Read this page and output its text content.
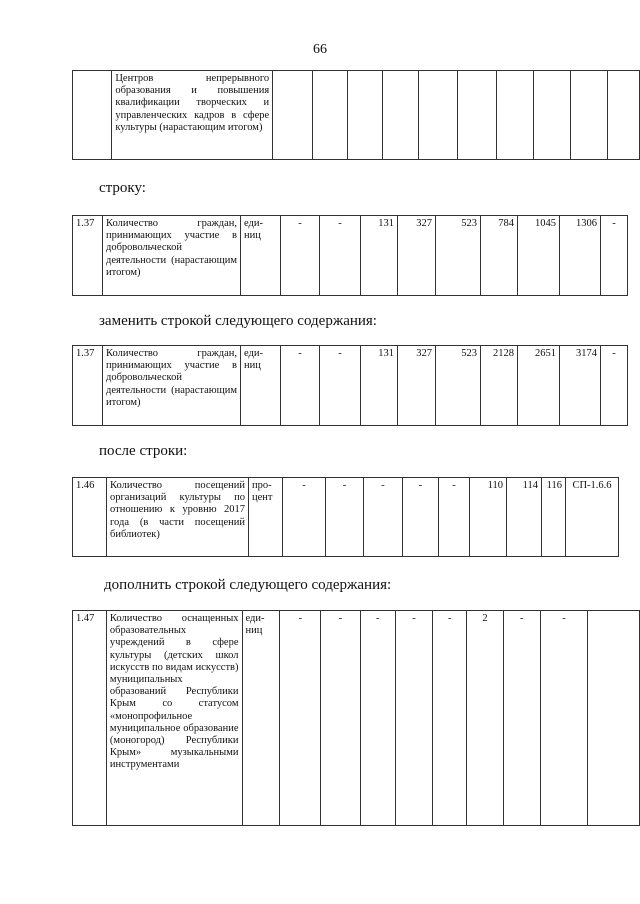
66
	Центров непрерывного образования и повышения квалификации творческих и управленческих кадров в сфере культуры (нарастающим итогом)										
строку:
1.37	Количество граждан, принимающих участие в добровольческой деятельности (нарастающим итогом)	еди-ниц	-	-	131	327	523	784	1045	1306	-
заменить строкой следующего содержания:
1.37	Количество граждан, принимающих участие в добровольческой деятельности (нарастающим итогом)	еди-ниц	-	-	131	327	523	2128	2651	3174	-
после строки:
1.46	Количество посещений организаций культуры по отношению к уровню 2017 года (в части посещений библиотек)	про-цент	-	-	-	-	-	110	114	116	СП-1.6.6
дополнить строкой следующего содержания:
1.47	Количество оснащенных образовательных учреждений в сфере культуры (детских школ искусств по видам искусств) муниципальных образований Республики Крым со статусом «монопрофильное муниципальное образование (моногород) Республики Крым» музыкальными инструментами	еди-ниц	-	-	-	-	-	2	-	-	
